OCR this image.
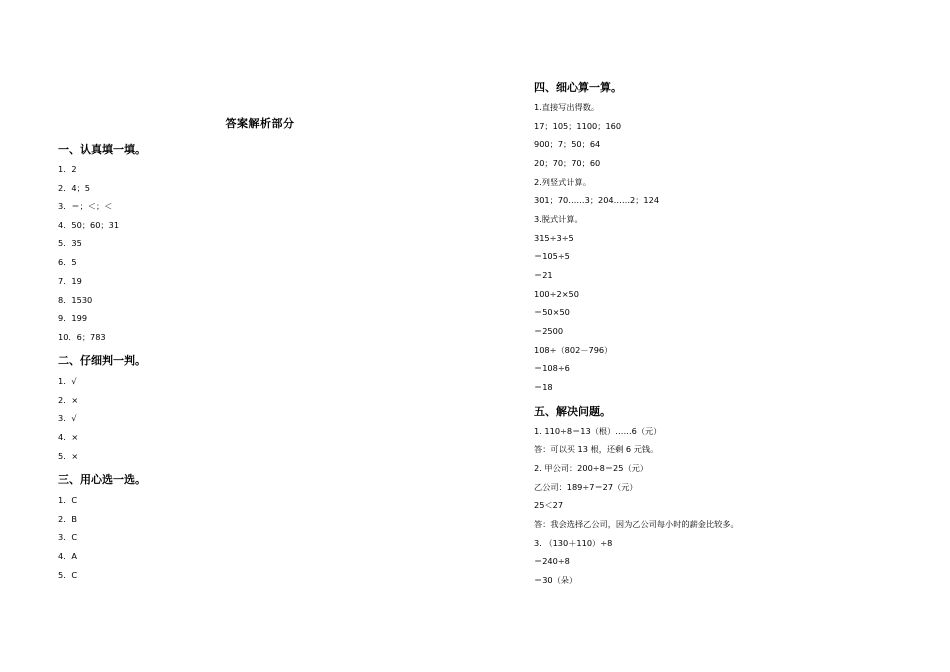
答案解析部分
一、认真填一填。
1．2
2．4；5
3．＝；＜；＜
4．50；60；31
5．35
6．5
7．19
8．1530
9．199
10．6；783
二、仔细判一判。
1．√
2．×
3．√
4．×
5．×
三、用心选一选。
1．C
2．B
3．C
4．A
5．C
四、细心算一算。
1.直接写出得数。
17；105；1100；160
900；7；50；64
20；70；70；60
2.列竖式计算。
301；70……3；204……2；124
3.脱式计算。
315÷3÷5
＝105÷5
＝21
100÷2×50
＝50×50
＝2500
108÷（802－796）
＝108÷6
＝18
五、解决问题。
1. 110÷8＝13（根）……6（元）
答：可以买 13 根，还剩 6 元钱。
2. 甲公司：200÷8＝25（元）
乙公司：189÷7＝27（元）
25＜27
答：我会选择乙公司，因为乙公司每小时的薪金比较多。
3. （130＋110）÷8
＝240÷8
＝30（朵）
